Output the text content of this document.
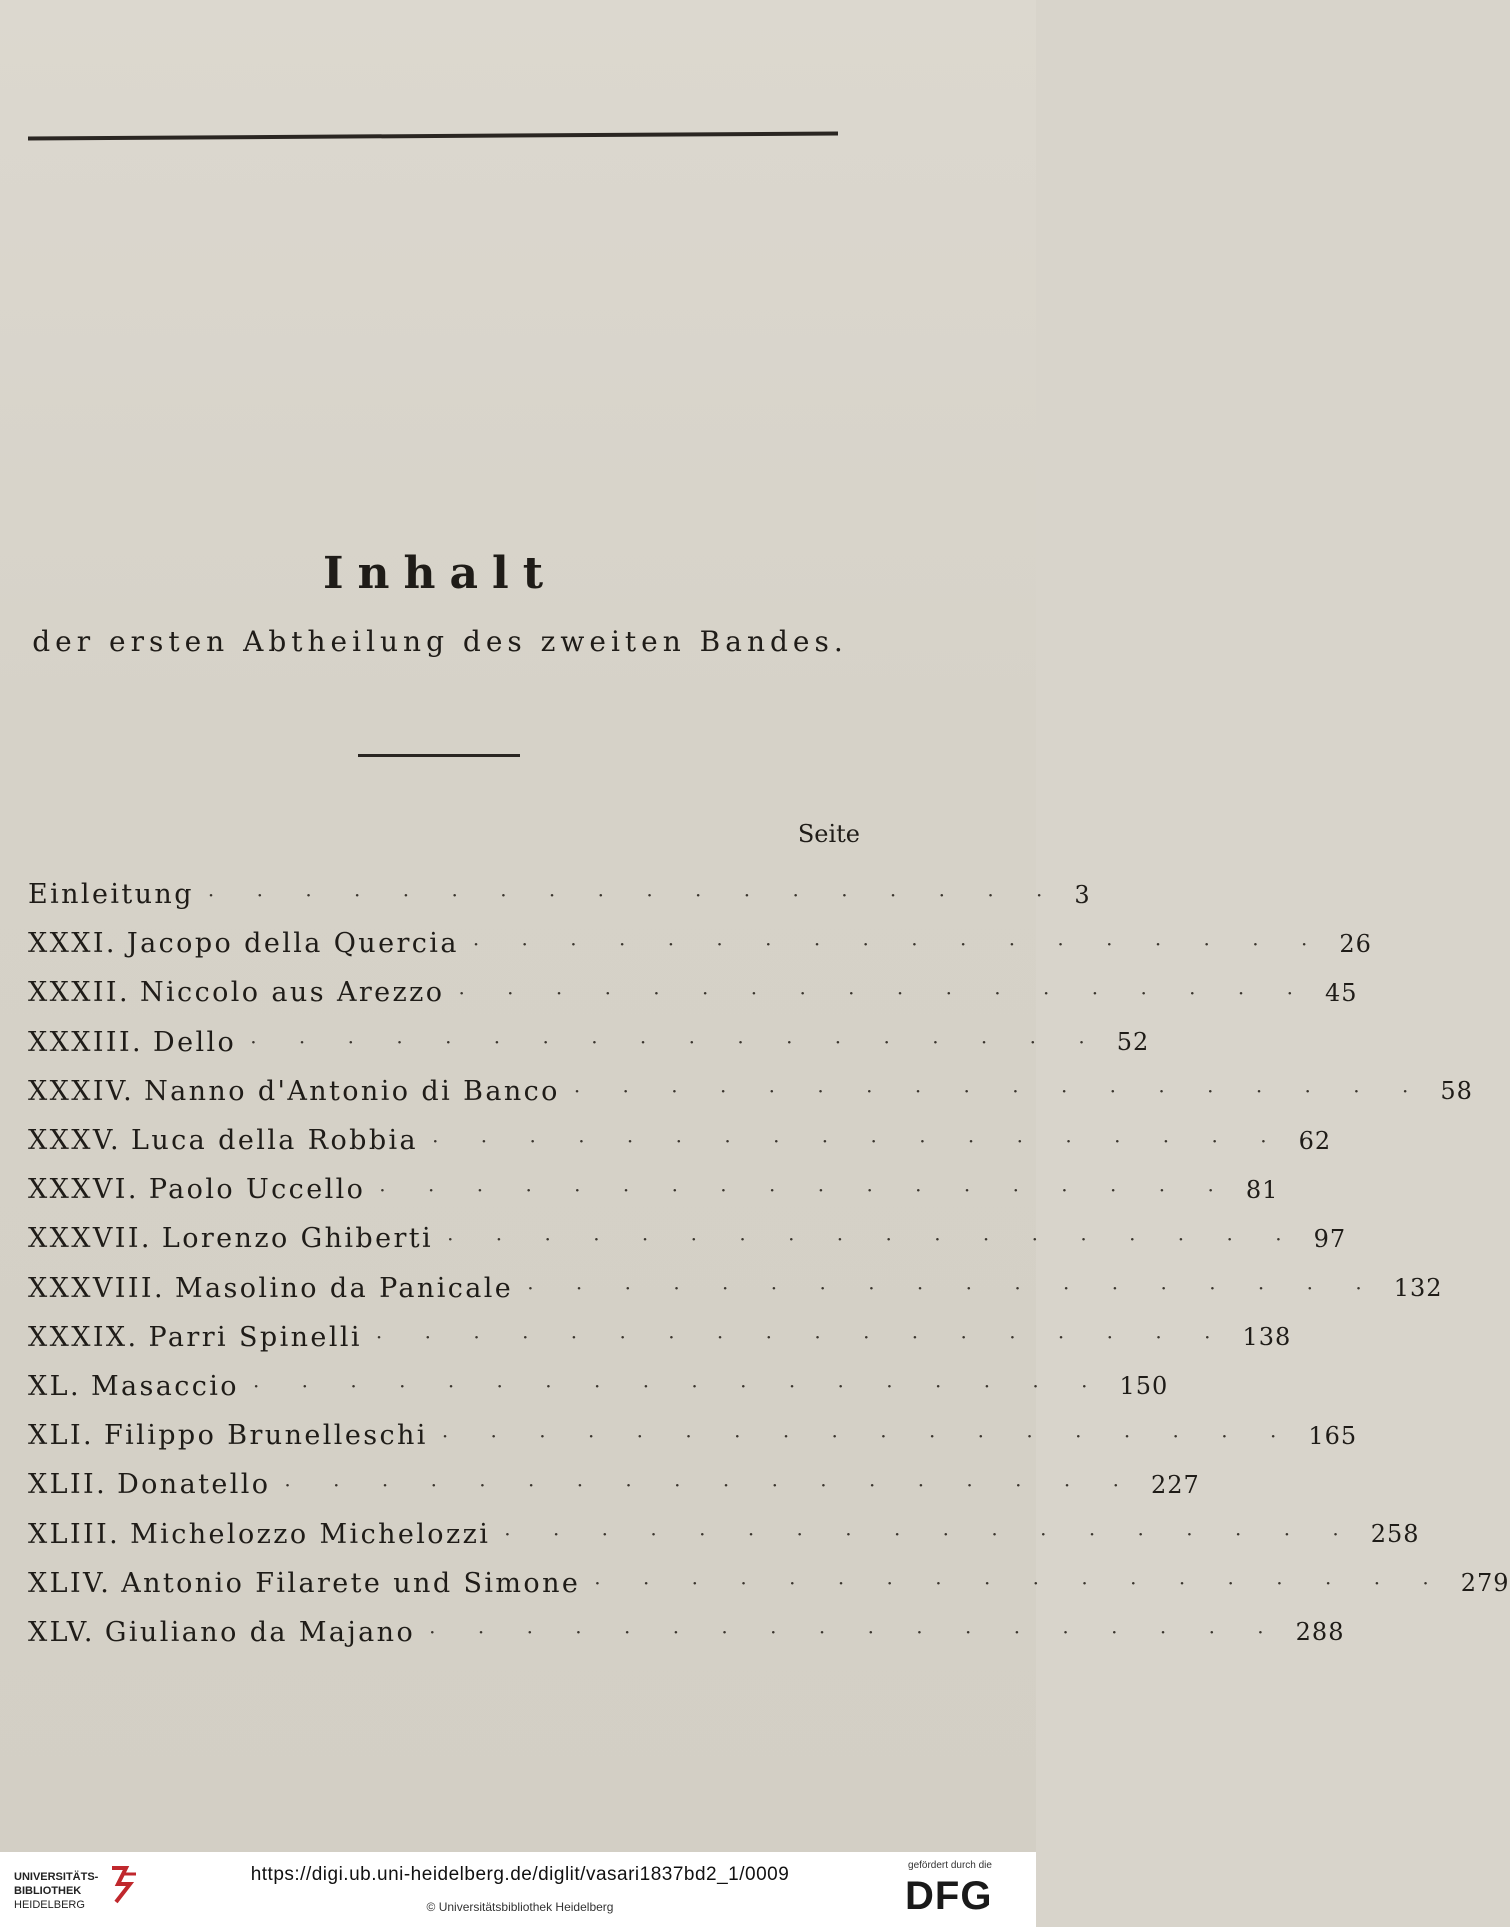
Inhalt
der ersten Abtheilung des zweiten Bandes.
Seite
Einleitung · · · · · · · · · · · · · · · · · · 3
XXXI. Jacopo della Quercia · · · · · · · · · · · · · · · · · · 26
XXXII. Niccolo aus Arezzo · · · · · · · · · · · · · · · · · · 45
XXXIII. Dello · · · · · · · · · · · · · · · · · · 52
XXXIV. Nanno d'Antonio di Banco · · · · · · · · · · · · · · · · · · 58
XXXV. Luca della Robbia · · · · · · · · · · · · · · · · · · 62
XXXVI. Paolo Uccello · · · · · · · · · · · · · · · · · · 81
XXXVII. Lorenzo Ghiberti · · · · · · · · · · · · · · · · · · 97
XXXVIII. Masolino da Panicale · · · · · · · · · · · · · · · · · · 132
XXXIX. Parri Spinelli · · · · · · · · · · · · · · · · · · 138
XL. Masaccio · · · · · · · · · · · · · · · · · · 150
XLI. Filippo Brunelleschi · · · · · · · · · · · · · · · · · · 165
XLII. Donatello · · · · · · · · · · · · · · · · · · 227
XLIII. Michelozzo Michelozzi · · · · · · · · · · · · · · · · · · 258
XLIV. Antonio Filarete und Simone · · · · · · · · · · · · · · · · · · 279
XLV. Giuliano da Majano · · · · · · · · · · · · · · · · · · 288
UNIVERSITÄTS-
BIBLIOTHEK
HEIDELBERG
https://digi.ub.uni-heidelberg.de/diglit/vasari1837bd2_1/0009
© Universitätsbibliothek Heidelberg
gefördert durch die
DFG
